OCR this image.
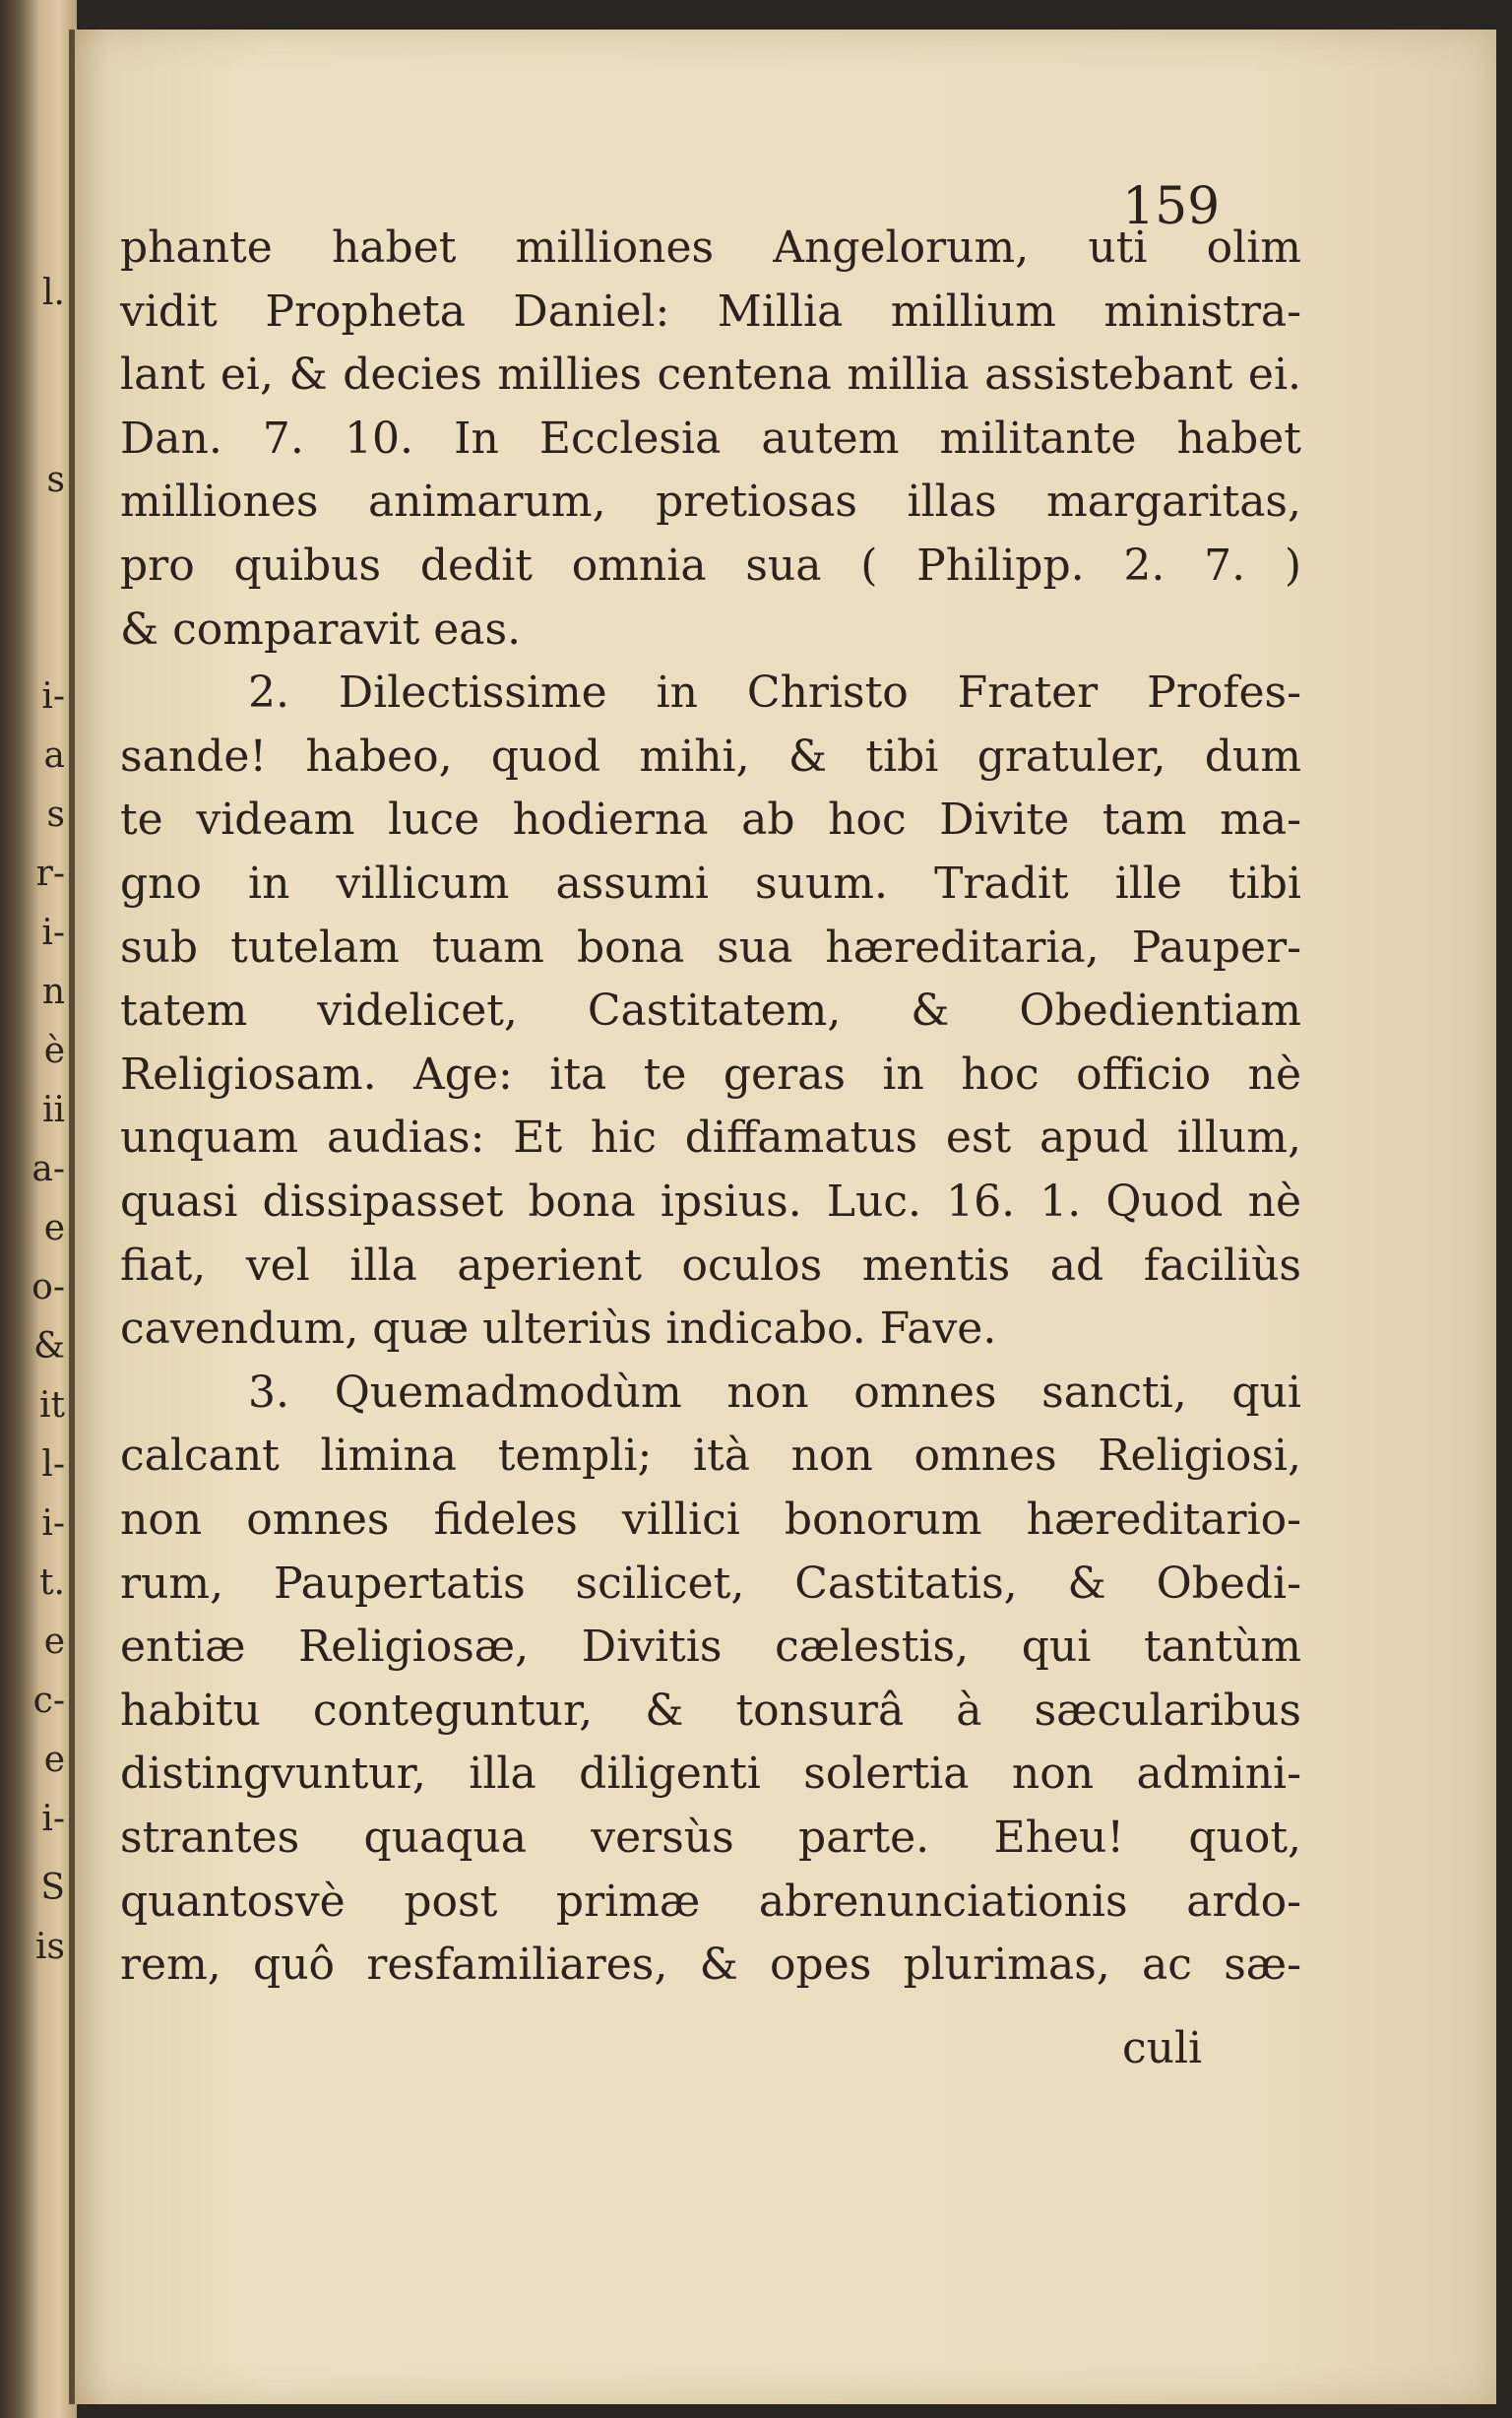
l.
s
i-
a
s
r-
i-
n
è
ii
a-
e
o-
&
it
l-
i-
t.
e
c-
e
i-
S
is
159
phante habet milliones Angelorum, uti olim
vidit Propheta Daniel: Millia millium ministra-
lant ei, & decies millies centena millia assistebant ei.
Dan. 7. 10. In Ecclesia autem militante habet
milliones animarum, pretiosas illas margaritas,
pro quibus dedit omnia sua ( Philipp. 2. 7. )
& comparavit eas.
2. Dilectissime in Christo Frater Profes-
sande! habeo, quod mihi, & tibi gratuler, dum
te videam luce hodierna ab hoc Divite tam ma-
gno in villicum assumi suum. Tradit ille tibi
sub tutelam tuam bona sua hæreditaria, Pauper-
tatem videlicet, Castitatem, & Obedientiam
Religiosam. Age: ita te geras in hoc officio nè
unquam audias: Et hic diffamatus est apud illum,
quasi dissipasset bona ipsius. Luc. 16. 1. Quod nè
fiat, vel illa aperient oculos mentis ad faciliùs
cavendum, quæ ulteriùs indicabo. Fave.
3. Quemadmodùm non omnes sancti, qui
calcant limina templi; ità non omnes Religiosi,
non omnes fideles villici bonorum hæreditario-
rum, Paupertatis scilicet, Castitatis, & Obedi-
entiæ Religiosæ, Divitis cælestis, qui tantùm
habitu conteguntur, & tonsurâ à sæcularibus
distingvuntur, illa diligenti solertia non admini-
strantes quaqua versùs parte. Eheu! quot,
quantosvè post primæ abrenunciationis ardo-
rem, quô resfamiliares, & opes plurimas, ac sæ-
culi
